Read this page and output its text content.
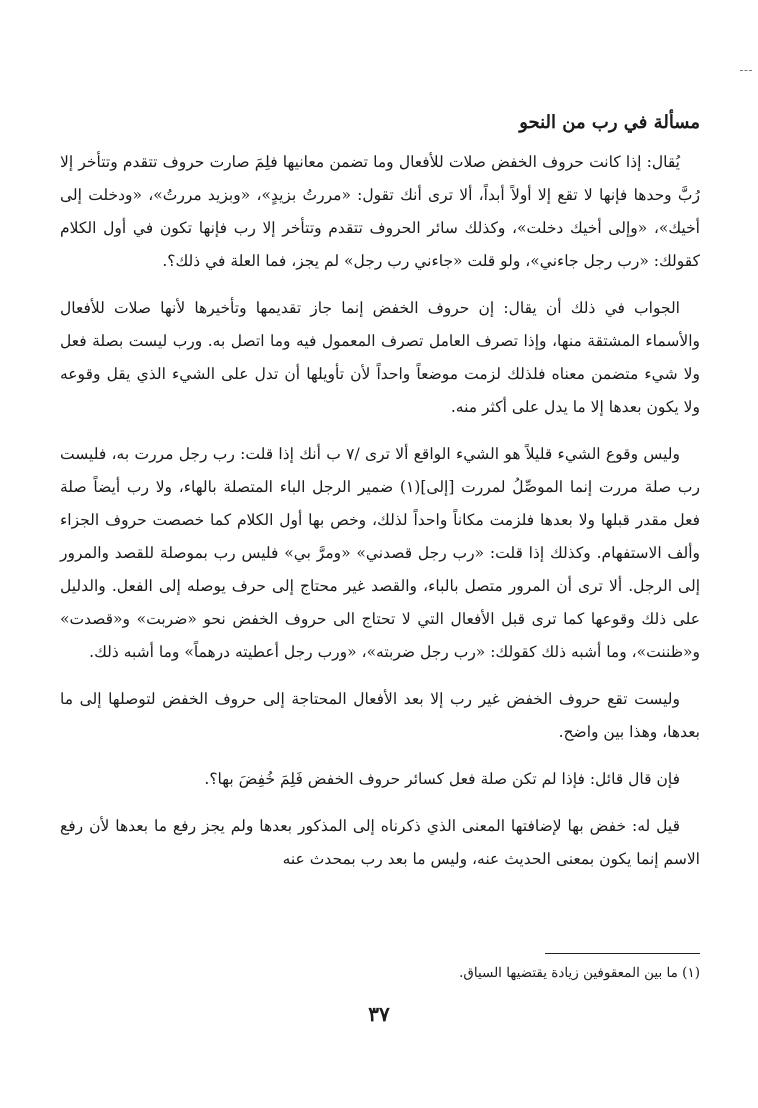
مسألة في رب من النحو

يُقال: إذا كانت حروف الخفض صلات للأفعال وما تضمن معانيها فلِمَ صارت حروف تتقدم وتتأخر إلا رُبَّ وحدها فإنها لا تقع إلا أولاً أبداً، ألا ترى أنك تقول: «مررتُ بزيدٍ»، «وبزيد مررتُ»، «ودخلت إلى أخيك»، «وإلى أخيك دخلت»، وكذلك سائر الحروف تتقدم وتتأخر إلا رب فإنها تكون في أول الكلام كقولك: «رب رجل جاءني»، ولو قلت «جاءني رب رجل» لم يجز، فما العلة في ذلك؟.

الجواب في ذلك أن يقال: إن حروف الخفض إنما جاز تقديمها وتأخيرها لأنها صلات للأفعال والأسماء المشتقة منها، وإذا تصرف العامل تصرف المعمول فيه وما اتصل به. ورب ليست بصلة فعل ولا شيء متضمن معناه فلذلك لزمت موضعاً واحداً لأن تأويلها أن تدل على الشيء الذي يقل وقوعه ولا يكون بعدها إلا ما يدل على أكثر منه.

وليس وقوع الشيء قليلاً هو الشيء الواقع ألا ترى /٧ ب أنك إذا قلت: رب رجل مررت به، فليست رب صلة مررت إنما الموصِّلُ لمررت [إلى](١) ضمير الرجل الباء المتصلة بالهاء، ولا رب أيضاً صلة فعل مقدر قبلها ولا بعدها فلزمت مكاناً واحداً لذلك، وخص بها أول الكلام كما خصصت حروف الجزاء وألف الاستفهام. وكذلك إذا قلت: «رب رجل قصدني» «ومرَّ بي» فليس رب بموصلة للقصد والمرور إلى الرجل. ألا ترى أن المرور متصل بالباء، والقصد غير محتاج إلى حرف يوصله إلى الفعل. والدليل على ذلك وقوعها كما ترى قبل الأفعال التي لا تحتاج الى حروف الخفض نحو «ضربت» و«قصدت» و«ظننت»، وما أشبه ذلك كقولك: «رب رجل ضربته»، «ورب رجل أعطيته درهماً» وما أشبه ذلك.

وليست تقع حروف الخفض غير رب إلا بعد الأفعال المحتاجة إلى حروف الخفض لتوصلها إلى ما بعدها، وهذا بين واضح.

فإن قال قائل: فإذا لم تكن صلة فعل كسائر حروف الخفض فَلِمَ خُفِضَ بها؟.

قيل له: خفض بها لإضافتها المعنى الذي ذكرناه إلى المذكور بعدها ولم يجز رفع ما بعدها لأن رفع الاسم إنما يكون بمعنى الحديث عنه، وليس ما بعد رب بمحدث عنه

(١) ما بين المعقوفين زيادة يقتضيها السياق.
٣٧
